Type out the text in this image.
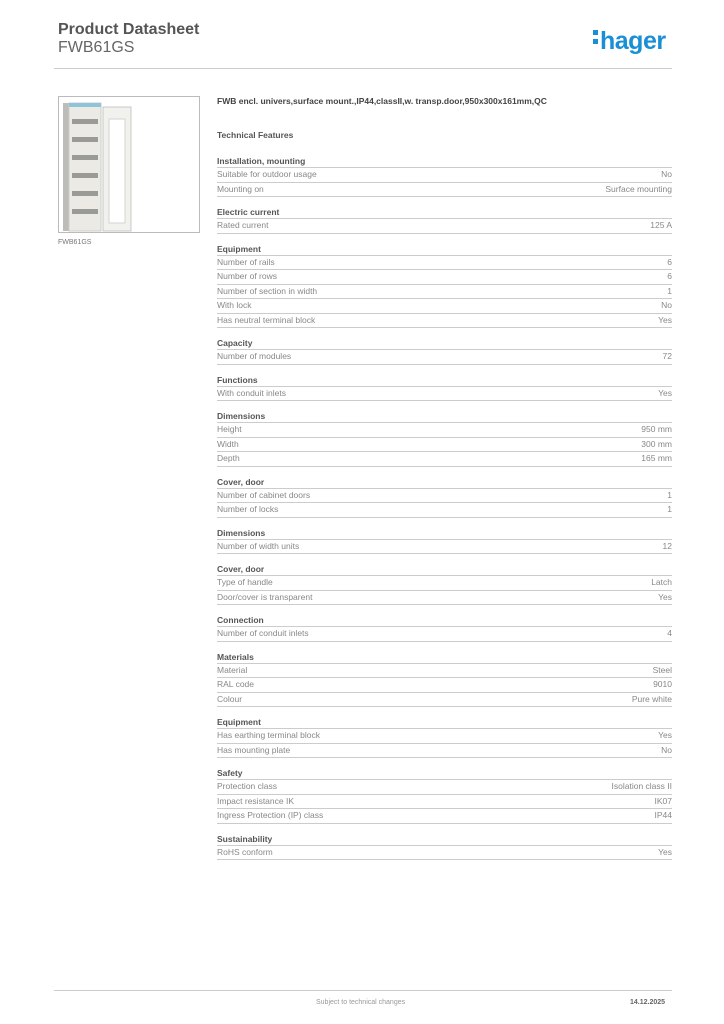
Product Datasheet
FWB61GS	hager
FWB61GS
FWB encl. univers,surface mount.,IP44,classII,w. transp.door,950x300x161mm,QC
Technical Features
Installation, mounting
Suitable for outdoor usage	No
Mounting on	Surface mounting
Electric current
Rated current	125 A
Equipment
Number of rails	6
Number of rows	6
Number of section in width	1
With lock	No
Has neutral terminal block	Yes
Capacity
Number of modules	72
Functions
With conduit inlets	Yes
Dimensions
Height	950 mm
Width	300 mm
Depth	165 mm
Cover, door
Number of cabinet doors	1
Number of locks	1
Dimensions
Number of width units	12
Cover, door
Type of handle	Latch
Door/cover is transparent	Yes
Connection
Number of conduit inlets	4
Materials
Material	Steel
RAL code	9010
Colour	Pure white
Equipment
Has earthing terminal block	Yes
Has mounting plate	No
Safety
Protection class	Isolation class II
Impact resistance IK	IK07
Ingress Protection (IP) class	IP44
Sustainability
RoHS conform	Yes
Subject to technical changes	14.12.2025
